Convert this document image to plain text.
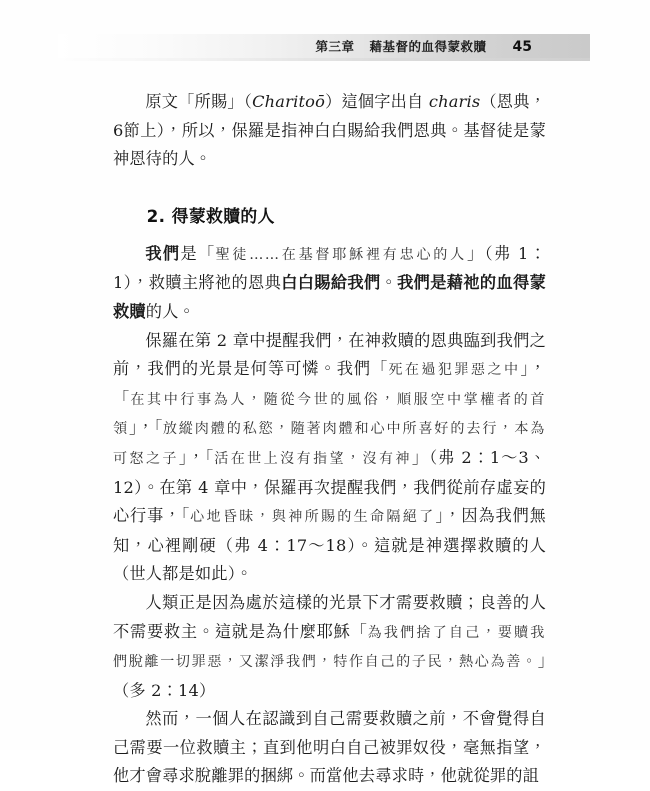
第三章 藉基督的血得蒙救贖 45

原文「所賜」（Charitoō）這個字出自 charis（恩典，6節上），所以，保羅是指神白白賜給我們恩典。基督徒是蒙神恩待的人。

2. 得蒙救贖的人

我們是「聖徒……在基督耶穌裡有忠心的人」（弗 1：1），救贖主將祂的恩典白白賜給我們。我們是藉祂的血得蒙救贖的人。

保羅在第 2 章中提醒我們，在神救贖的恩典臨到我們之前，我們的光景是何等可憐。我們「死在過犯罪惡之中」，「在其中行事為人，隨從今世的風俗，順服空中掌權者的首領」，「放縱肉體的私慾，隨著肉體和心中所喜好的去行，本為可怒之子」，「活在世上沒有指望，沒有神」（弗 2：1～3、12）。在第 4 章中，保羅再次提醒我們，我們從前存虛妄的心行事，「心地昏昧，與神所賜的生命隔絕了」，因為我們無知，心裡剛硬（弗 4：17～18）。這就是神選擇救贖的人（世人都是如此）。

人類正是因為處於這樣的光景下才需要救贖；良善的人不需要救主。這就是為什麼耶穌「為我們捨了自己，要贖我們脫離一切罪惡，又潔淨我們，特作自己的子民，熱心為善。」（多 2：14）

然而，一個人在認識到自己需要救贖之前，不會覺得自己需要一位救贖主；直到他明白自己被罪奴役，毫無指望，他才會尋求脫離罪的捆綁。而當他去尋求時，他就從罪的詛
